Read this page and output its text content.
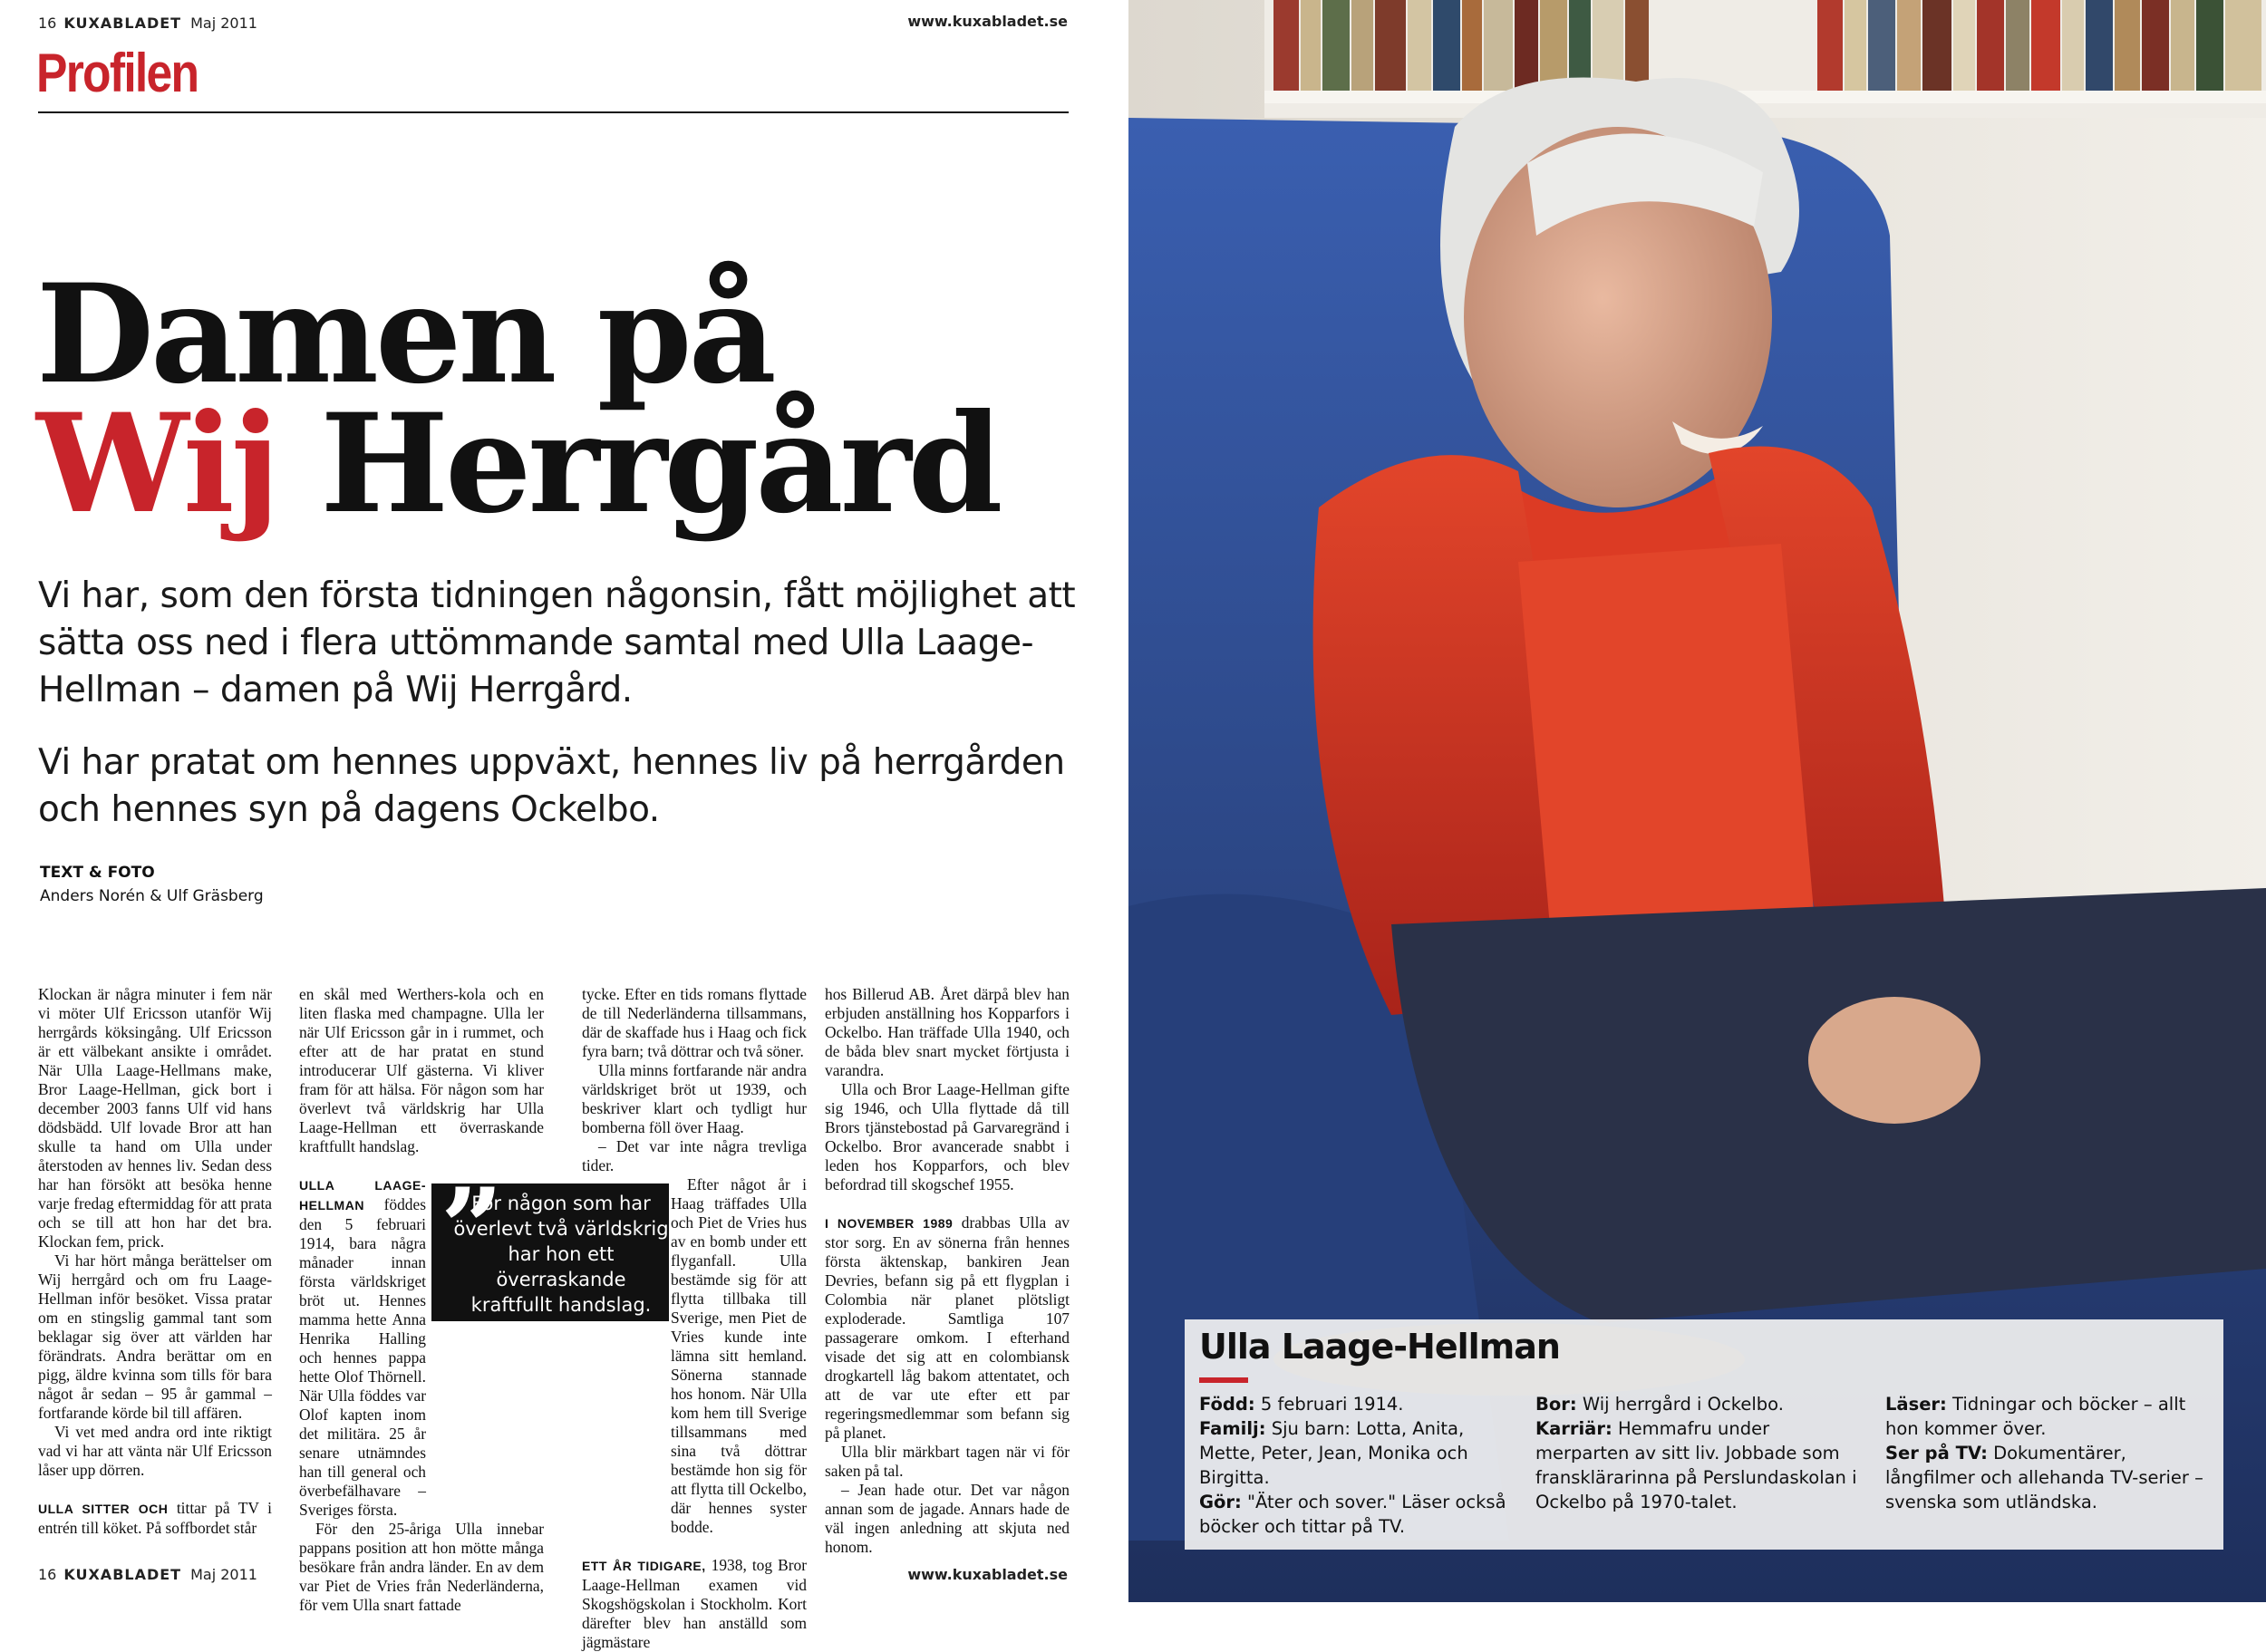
16 KUXABLADET Maj 2011	www.kuxabladet.se
Profilen
Damen på
Wij Herrgård

Vi har, som den första tidningen någonsin, fått möjlighet att sätta oss ned i flera uttömmande samtal med Ulla Laage-Hellman – damen på Wij Herrgård.

Vi har pratat om hennes uppväxt, hennes liv på herrgården och hennes syn på dagens Ockelbo.

TEXT & FOTO
Anders Norén & Ulf Gräsberg

Klockan är några minuter i fem när vi möter Ulf Ericsson utanför Wij herrgårds köksingång. Ulf Ericsson är ett välbekant ansikte i området. När Ulla Laage-Hellmans make, Bror Laage-Hellman, gick bort i december 2003 fanns Ulf vid hans dödsbädd. Ulf lovade Bror att han skulle ta hand om Ulla under återstoden av hennes liv. Sedan dess har han försökt att besöka henne varje fredag eftermiddag för att prata och se till att hon har det bra. Klockan fem, prick.

Vi har hört många berättelser om Wij herrgård och om fru Laage-Hellman inför besöket. Vissa pratar om en stingslig gammal tant som beklagar sig över att världen har förändrats. Andra berättar om en pigg, äldre kvinna som tills för bara något år sedan – 95 år gammal – fortfarande körde bil till affären.

Vi vet med andra ord inte riktigt vad vi har att vänta när Ulf Ericsson låser upp dörren.

ULLA SITTER OCH tittar på TV i entrén till köket. På soffbordet står

en skål med Werthers-kola och en liten flaska med champagne. Ulla ler när Ulf Ericsson går in i rummet, och efter att de har pratat en stund introducerar Ulf gästerna. Vi kliver fram för att hälsa. För någon som har överlevt två världskrig har Ulla Laage-Hellman ett överraskande kraftfullt handslag.

ULLA LAAGE-HELLMAN föddes den 5 februari 1914, bara några månader innan första världskriget bröt ut. Hennes mamma hette Anna Henrika Halling och hennes pappa hette Olof Thörnell. När Ulla föddes var Olof kapten inom det militära. 25 år senare utnämndes han till general och överbefälhavare – Sveriges första.

För den 25-åriga Ulla innebar pappans position att hon mötte många besökare från andra länder. En av dem var Piet de Vries från Nederländerna, för vem Ulla snart fattade

tycke. Efter en tids romans flyttade de till Nederländerna tillsammans, där de skaffade hus i Haag och fick fyra barn; två döttrar och två söner.

Ulla minns fortfarande när andra världskriget bröt ut 1939, och beskriver klart och tydligt hur bomberna föll över Haag.

– Det var inte några trevliga tider.

Efter något år i Haag träffades Ulla och Piet de Vries hus av en bomb under ett flyganfall. Ulla bestämde sig för att flytta tillbaka till Sverige, men Piet de Vries kunde inte lämna sitt hemland. Sönerna stannade hos honom. När Ulla kom hem till Sverige tillsammans med sina två döttrar bestämde hon sig för att flytta till Ockelbo, där hennes syster bodde.

ETT ÅR TIDIGARE, 1938, tog Bror Laage-Hellman examen vid Skogshögskolan i Stockholm. Kort därefter blev han anställd som jägmästare

hos Billerud AB. Året därpå blev han erbjuden anställning hos Kopparfors i Ockelbo. Han träffade Ulla 1940, och de båda blev snart mycket förtjusta i varandra.

Ulla och Bror Laage-Hellman gifte sig 1946, och Ulla flyttade då till Brors tjänstebostad på Garvaregränd i Ockelbo. Bror avancerade snabbt i leden hos Kopparfors, och blev befordrad till skogschef 1955.

I NOVEMBER 1989 drabbas Ulla av stor sorg. En av sönerna från hennes första äktenskap, bankiren Jean Devries, befann sig på ett flygplan i Colombia när planet plötsligt exploderade. Samtliga 107 passagerare omkom. I efterhand visade det sig att en colombiansk drogkartell låg bakom attentatet, och att de var ute efter ett par regeringsmedlemmar som befann sig på planet.

Ulla blir märkbart tagen när vi för saken på tal.

– Jean hade otur. Det var någon annan som de jagade. Annars hade de väl ingen anledning att skjuta ned honom.

”
För någon som har överlevt två världskrig har hon ett överraskande kraftfullt handslag.
16 KUXABLADET Maj 2011	www.kuxabladet.se
Ulla Laage-Hellman
Född: 5 februari 1914.
Familj: Sju barn: Lotta, Anita, Mette, Peter, Jean, Monika och Birgitta.
Gör: "Äter och sover." Läser också böcker och tittar på TV.
Bor: Wij herrgård i Ockelbo.
Karriär: Hemmafru under merparten av sitt liv. Jobbade som fransklärarinna på Perslundaskolan i Ockelbo på 1970-talet.
Läser: Tidningar och böcker – allt hon kommer över.
Ser på TV: Dokumentärer, långfilmer och allehanda TV-serier – svenska som utländska.
